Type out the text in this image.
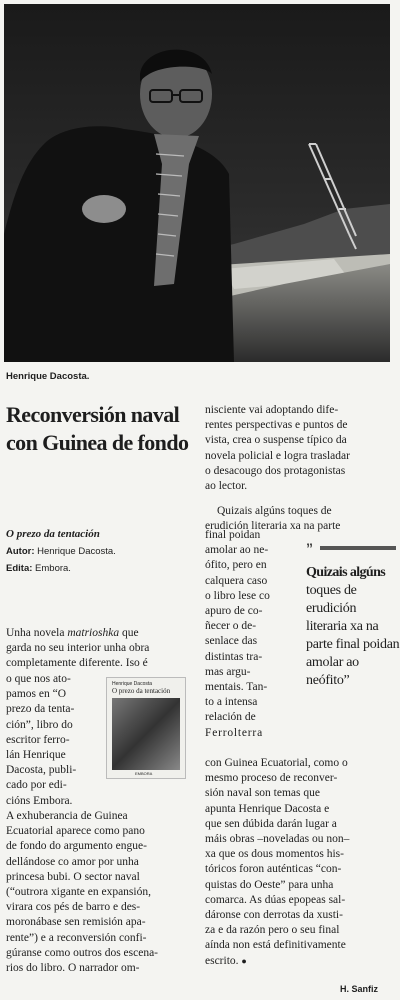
Henrique Dacosta.
Reconversión naval con Guinea de fondo
O prezo da tentación
Autor: Henrique Dacosta.
Edita: Embora.

Unha novela matrioshka que
garda no seu interior unha obra
completamente diferente. Iso é
o que nos ato-
pamos en “O
prezo da tenta-
ción”, libro do
escritor ferro-
lán Henrique
Dacosta, publi-
cado por edi-
cións Embora.
Henrique Dacosta
O prezo da tentación
EMBORA
A exhuberancia de Guinea
Ecuatorial aparece como pano
de fondo do argumento engue-
dellándose co amor por unha
princesa bubi. O sector naval
(“outrora xigante en expansión,
virara cos pés de barro e des-
moronábase sen remisión apa-
rente”) e a reconversión confi-
gúranse como outros dos escena-
rios do libro. O narrador om-
nisciente vai adoptando dife-
rentes perspectivas e puntos de
vista, crea o suspense típico da
novela policial e logra trasladar
o desacougo dos protagonistas
ao lector.
Quizais algúns toques de
erudición literaria xa na parte
final poidan
amolar ao ne-
ófito, pero en
calquera caso
o libro lese co
apuro de co-
ñecer o de-
senlace das
distintas tra-
mas argu-
mentais. Tan-
to a intensa
relación de
Ferrolterra
”
Quizais algúns toques de erudición literaria xa na parte final poidan amolar ao neófito”
con Guinea Ecuatorial, como o
mesmo proceso de reconver-
sión naval son temas que
apunta Henrique Dacosta e
que sen dúbida darán lugar a
máis obras –noveladas ou non–
xa que os dous momentos his-
tóricos foron auténticas “con-
quistas do Oeste” para unha
comarca. As dúas epopeas sal-
dáronse con derrotas da xusti-
za e da razón pero o seu final
aínda non está definitivamente
escrito. ●
H. Sanfiz
